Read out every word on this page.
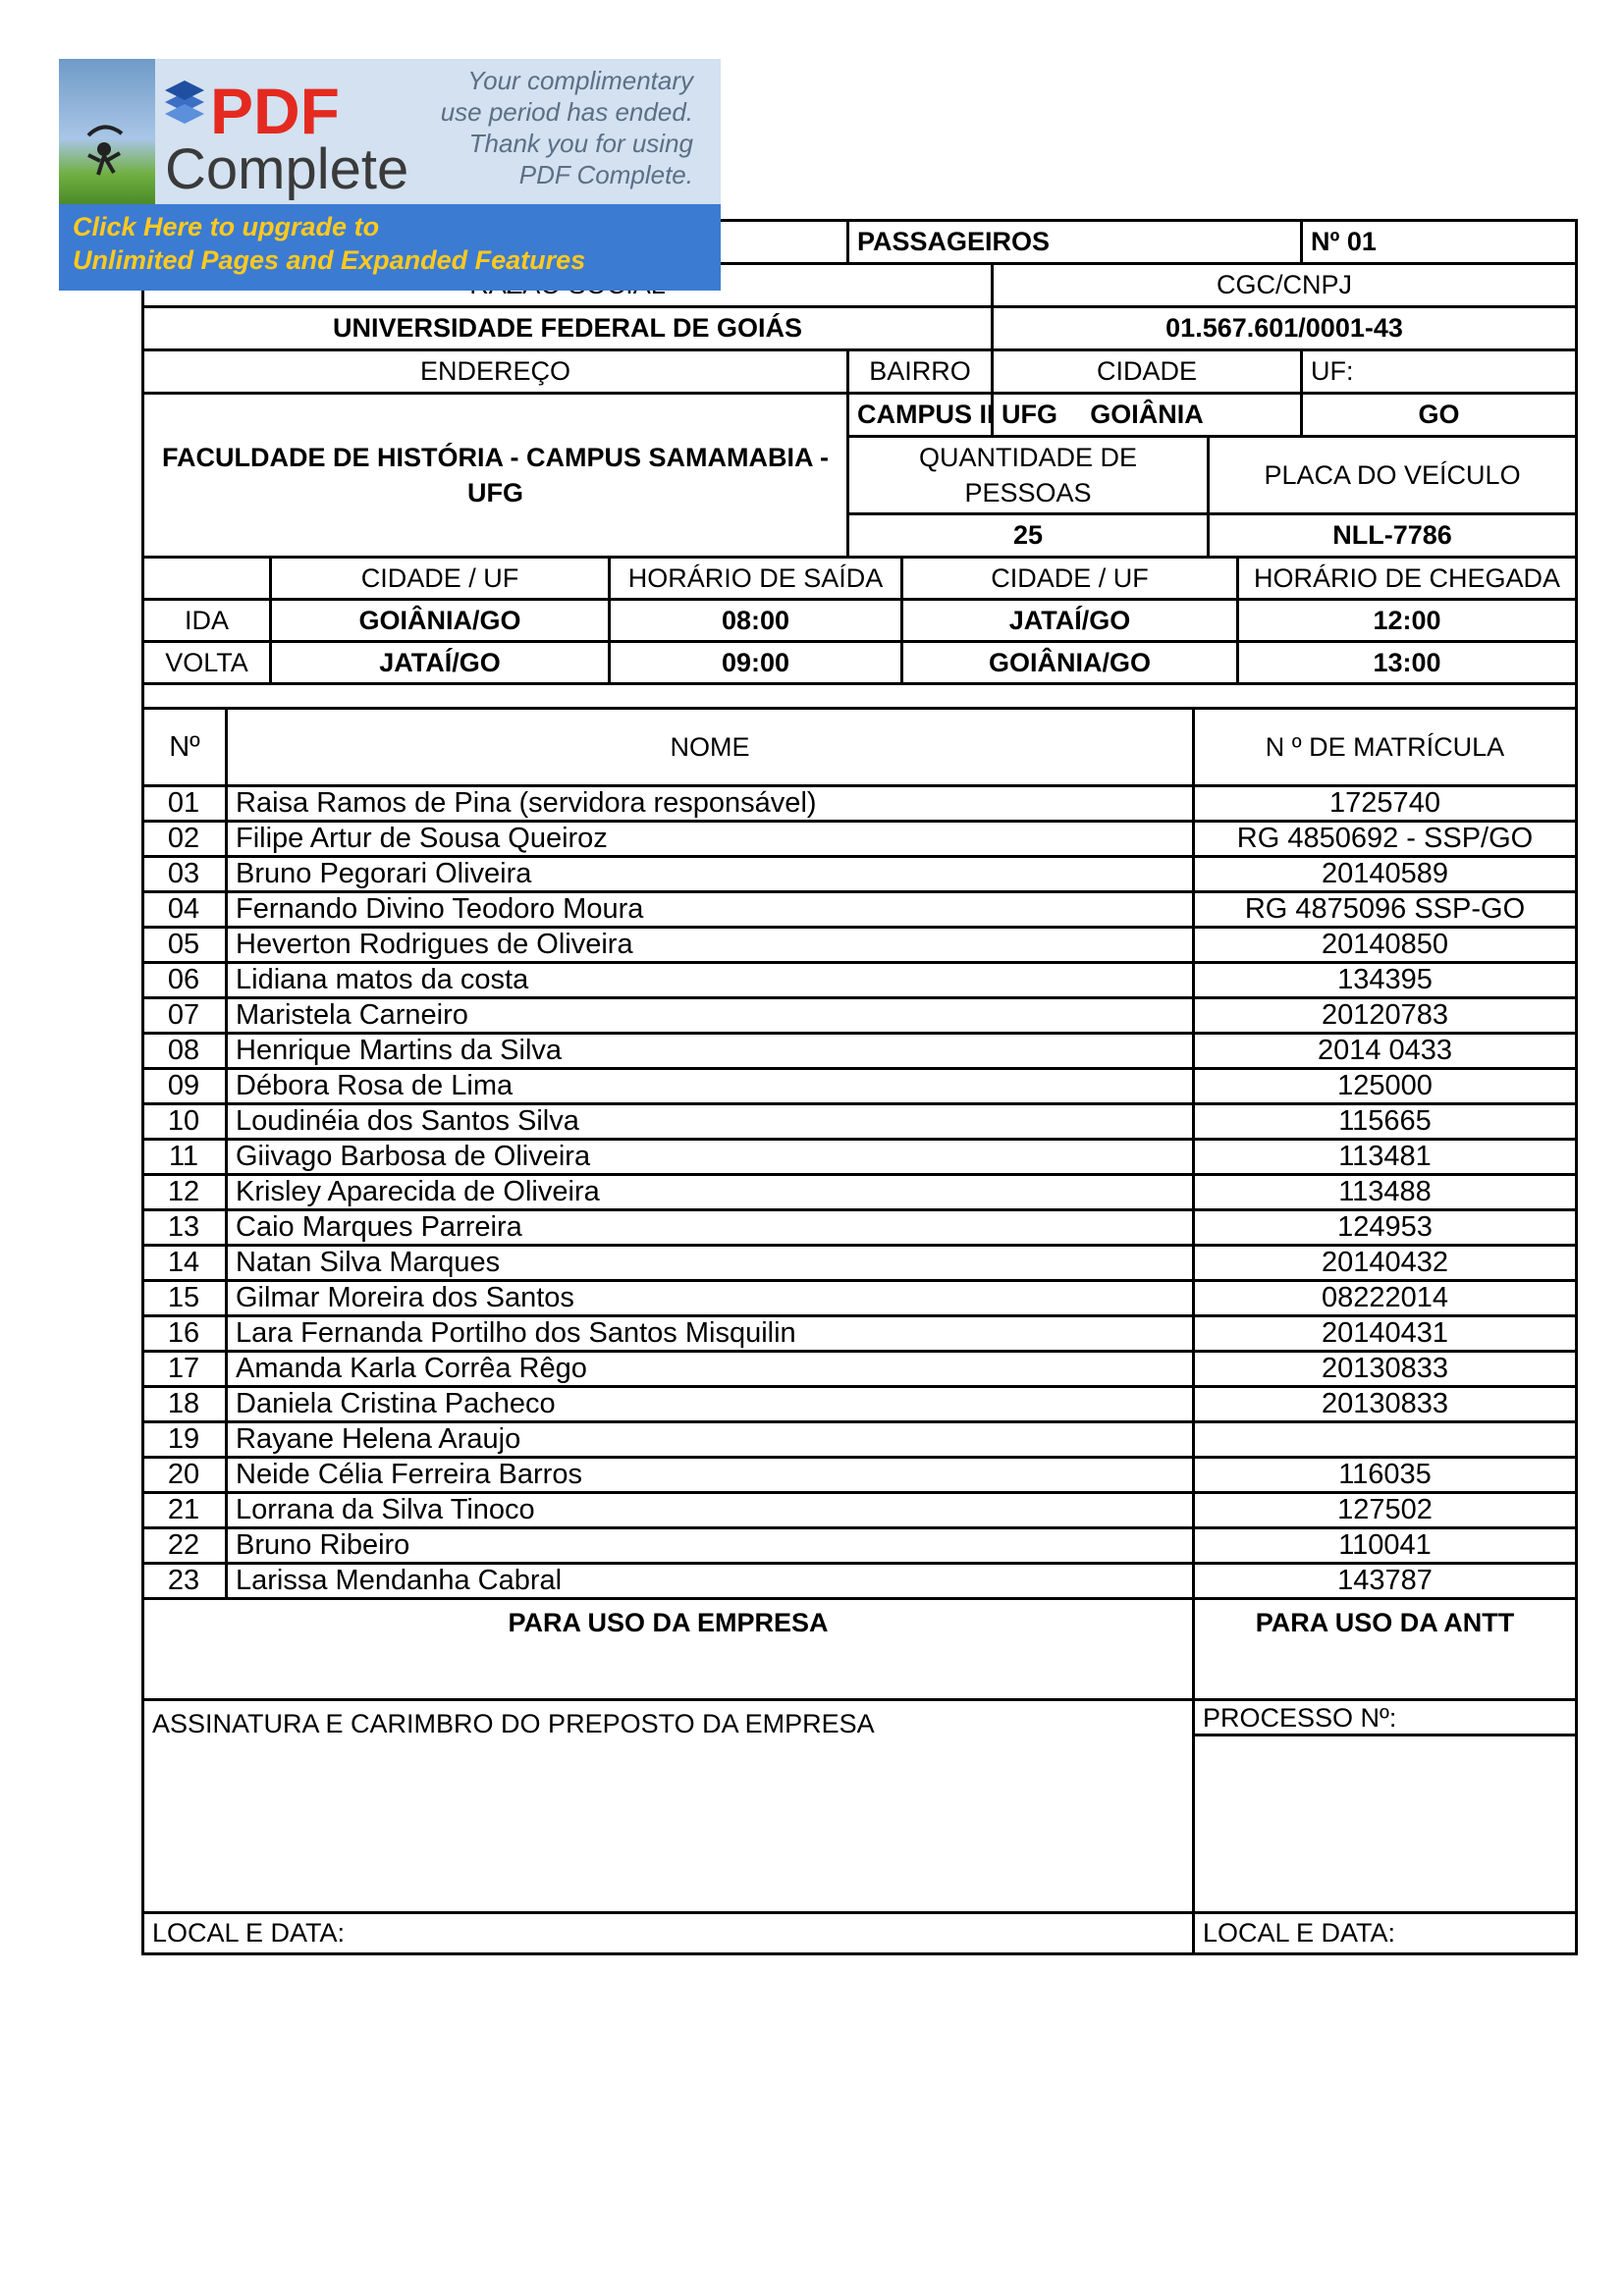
PDF
Complete
Your complimentary
use period has ended.
Thank you for using
PDF Complete.
Click Here to upgrade to
Unlimited Pages and Expanded Features
	PASSAGEIROS			Nº 01
	CGC/CNPJ		
UNIVERSIDADE FEDERAL DE GOIÁS		01.567.601/0001-43		
ENDEREÇO	BAIRRO	CIDADE		UF:
FACULDADE DE HISTÓRIA - CAMPUS SAMAMABIA - UFG	CAMPUS II UFG	GOIÂNIA		GO
	QUANTIDADE DE PESSOAS		PLACA DO VEÍCULO	

	25		NLL-7786	
	CIDADE / UF	HORÁRIO DE SAÍDA	CIDADE / UF	HORÁRIO DE CHEGADA
IDA	GOIÂNIA/GO	08:00	JATAÍ/GO	12:00
VOLTA	JATAÍ/GO	09:00	GOIÂNIA/GO	13:00

Nº	NOME	N º DE MATRÍCULA
01	Raisa Ramos de Pina (servidora responsável)	1725740
02	Filipe Artur de Sousa Queiroz	RG 4850692 - SSP/GO
03	Bruno Pegorari Oliveira	20140589
04	Fernando Divino Teodoro Moura	RG 4875096 SSP-GO
05	Heverton Rodrigues de Oliveira	20140850
06	Lidiana matos da costa	134395
07	Maristela Carneiro	20120783
08	Henrique Martins da Silva	2014 0433
09	Débora Rosa de Lima	125000
10	Loudinéia dos Santos Silva	115665
11	Giivago Barbosa de Oliveira	113481
12	Krisley Aparecida de Oliveira	113488
13	Caio Marques Parreira	124953
14	Natan Silva Marques	20140432
15	Gilmar Moreira dos Santos	08222014
16	Lara Fernanda Portilho dos Santos Misquilin	20140431
17	Amanda Karla Corrêa Rêgo	20130833
18	Daniela Cristina Pacheco	20130833
19	Rayane Helena Araujo	
20	Neide Célia Ferreira Barros	116035
21	Lorrana da Silva Tinoco	127502
22	Bruno Ribeiro	110041
23	Larissa Mendanha Cabral	143787
PARA USO DA EMPRESA	PARA USO DA ANTT
ASSINATURA E CARIMBRO DO PREPOSTO DA EMPRESA	PROCESSO Nº:

LOCAL E DATA:	LOCAL E DATA:
